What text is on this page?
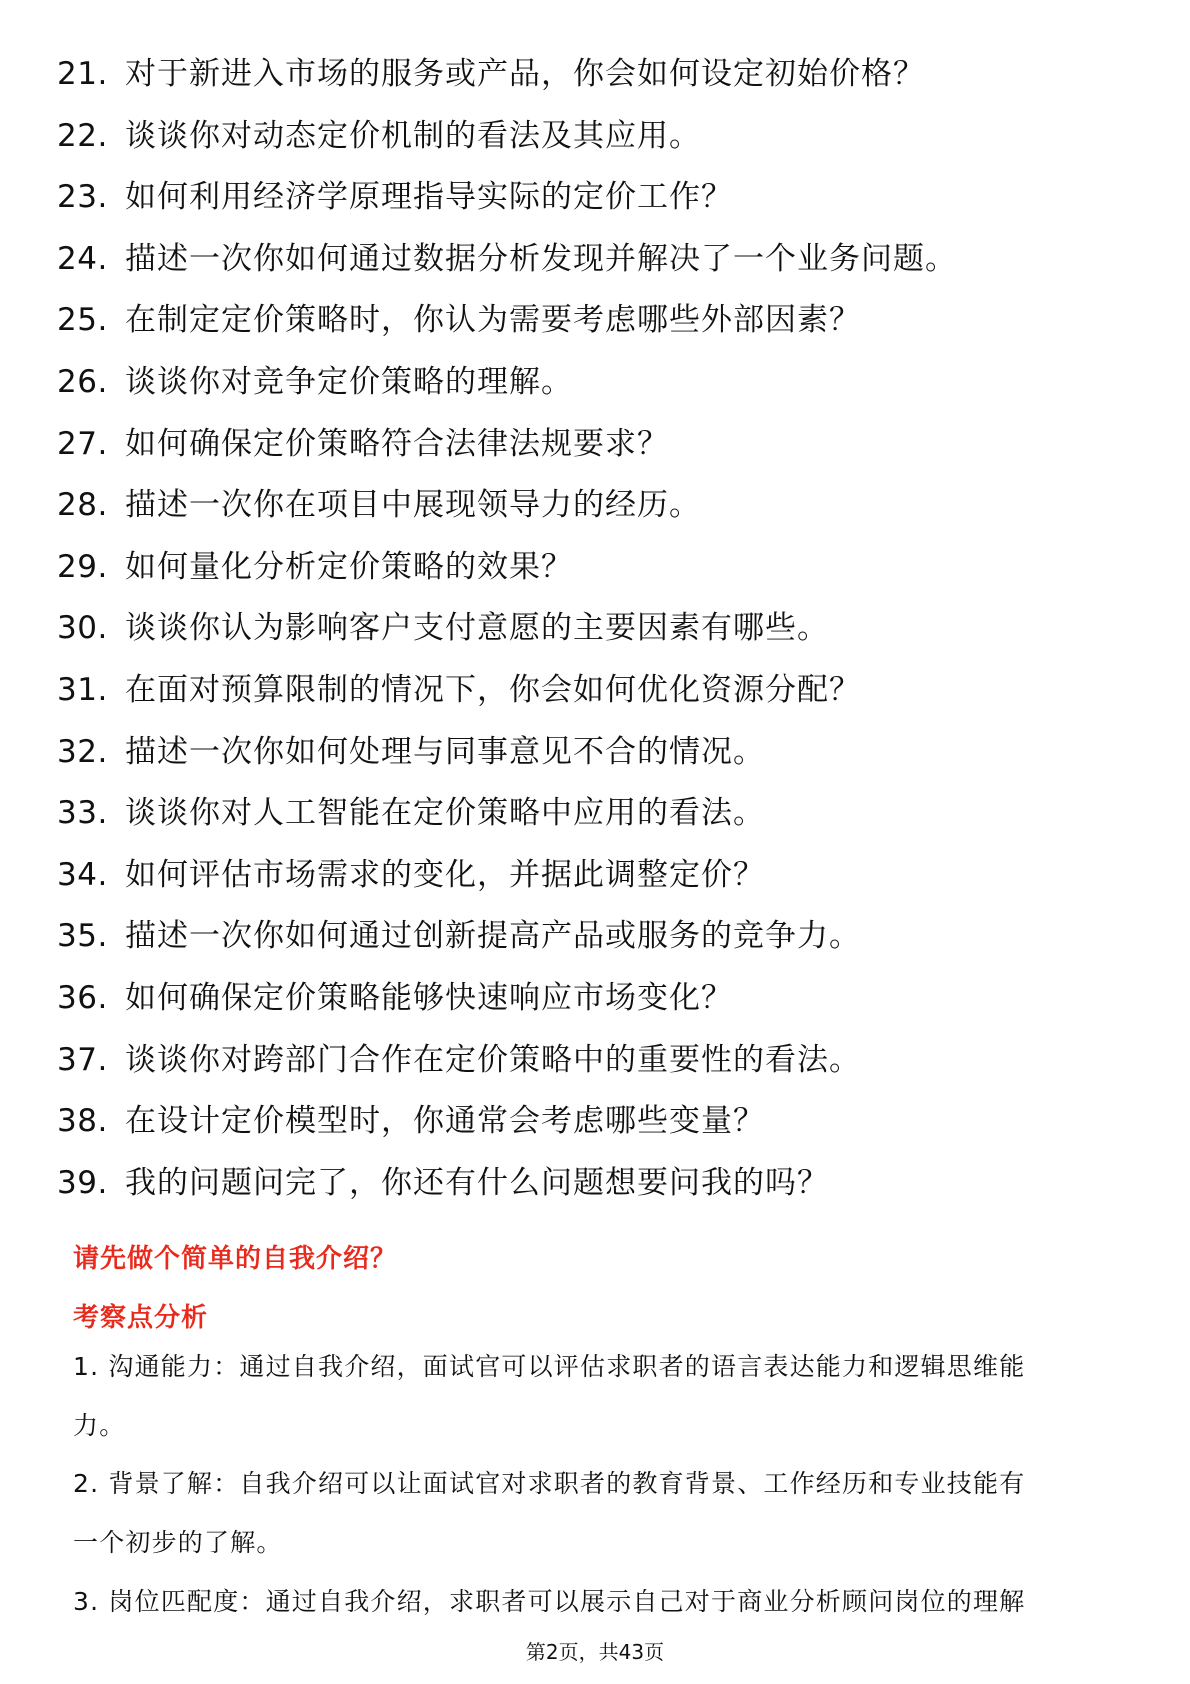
21. 对于新进入市场的服务或产品，你会如何设定初始价格？
22. 谈谈你对动态定价机制的看法及其应用。
23. 如何利用经济学原理指导实际的定价工作？
24. 描述一次你如何通过数据分析发现并解决了一个业务问题。
25. 在制定定价策略时，你认为需要考虑哪些外部因素？
26. 谈谈你对竞争定价策略的理解。
27. 如何确保定价策略符合法律法规要求？
28. 描述一次你在项目中展现领导力的经历。
29. 如何量化分析定价策略的效果？
30. 谈谈你认为影响客户支付意愿的主要因素有哪些。
31. 在面对预算限制的情况下，你会如何优化资源分配？
32. 描述一次你如何处理与同事意见不合的情况。
33. 谈谈你对人工智能在定价策略中应用的看法。
34. 如何评估市场需求的变化，并据此调整定价？
35. 描述一次你如何通过创新提高产品或服务的竞争力。
36. 如何确保定价策略能够快速响应市场变化？
37. 谈谈你对跨部门合作在定价策略中的重要性的看法。
38. 在设计定价模型时，你通常会考虑哪些变量？
39. 我的问题问完了，你还有什么问题想要问我的吗？
请先做个简单的自我介绍？
考察点分析
1. 沟通能力：通过自我介绍，面试官可以评估求职者的语言表达能力和逻辑思维能
力。
2. 背景了解：自我介绍可以让面试官对求职者的教育背景、工作经历和专业技能有
一个初步的了解。
3. 岗位匹配度：通过自我介绍，求职者可以展示自己对于商业分析顾问岗位的理解
第2页，共43页
